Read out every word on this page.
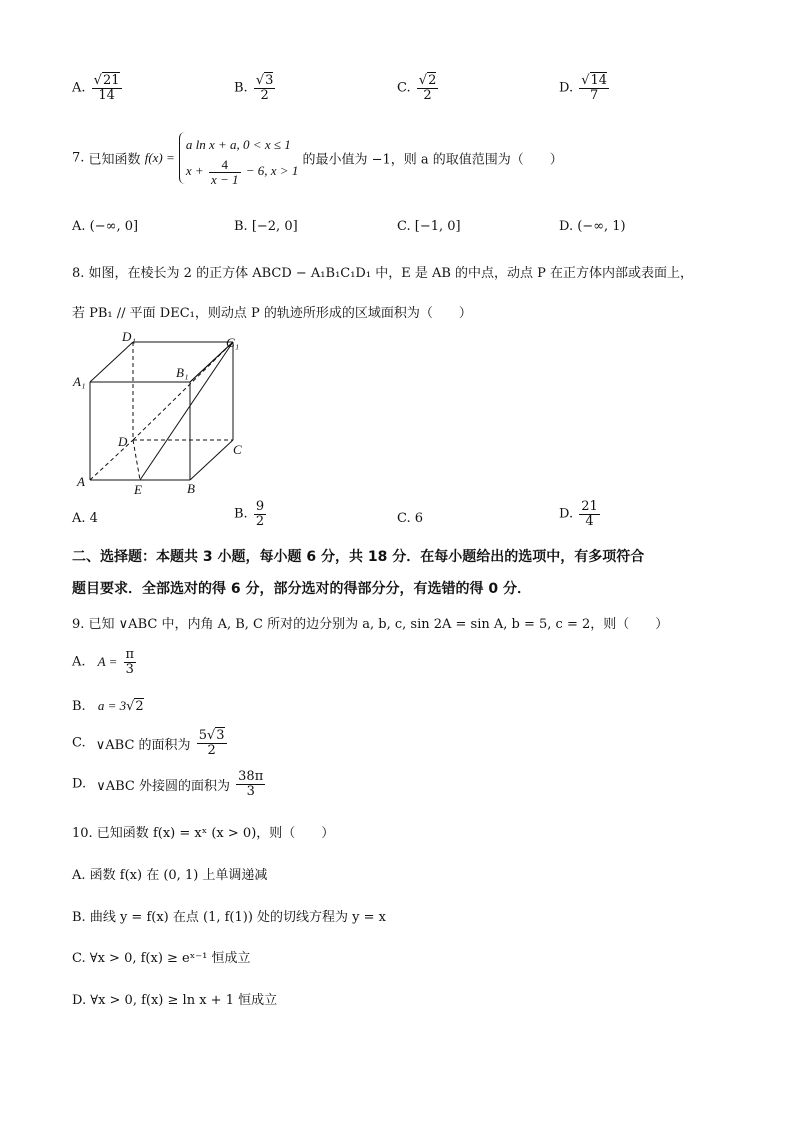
A. $\frac{√21}{14}$	B. $\frac{√3}{2}$	C. $\frac{√2}{2}$	D. $\frac{√14}{7}$
7. 已知函数 f(x) =
a ln x + a, 0 < x ≤ 1
$x + \frac{4}{x - 1} - 6$, x > 1
的最小值为 −1，则 a 的取值范围为（　　）
A. (−∞, 0]	B. [−2, 0]	C. [−1, 0]	D. (−∞, 1)
8. 如图，在棱长为 2 的正方体 ABCD − A₁B₁C₁D₁ 中，E 是 AB 的中点，动点 P 在正方体内部或表面上，
若 PB₁ // 平面 DEC₁，则动点 P 的轨迹所形成的区域面积为（　　）
D₁	C₁
A₁
B₁
D
C
A
E	B
A. 4	B. $\frac{9}{2}$	C. 6	D. $\frac{21}{4}$
二、选择题：本题共 3 小题，每小题 6 分，共 18 分．在每小题给出的选项中，有多项符合
题目要求．全部选对的得 6 分，部分选对的得部分分，有选错的得 0 分．
9. 已知 ∨ABC 中，内角 A, B, C 所对的边分别为 a, b, c, sin 2A = sin A, b = 5, c = 2，则（　　）
A. $A = \frac{\pi}{3}$
B. a = 3√2
C. ∨ABC 的面积为 $\frac{5√3}{2}$
D. ∨ABC 外接圆的面积为 $\frac{38\pi}{3}$
10. 已知函数 f(x) = xˣ (x > 0)，则（　　）
A. 函数 f(x) 在 (0, 1) 上单调递减
B. 曲线 y = f(x) 在点 (1, f(1)) 处的切线方程为 y = x
C. ∀x > 0, f(x) ≥ eˣ⁻¹ 恒成立
D. ∀x > 0, f(x) ≥ ln x + 1 恒成立
